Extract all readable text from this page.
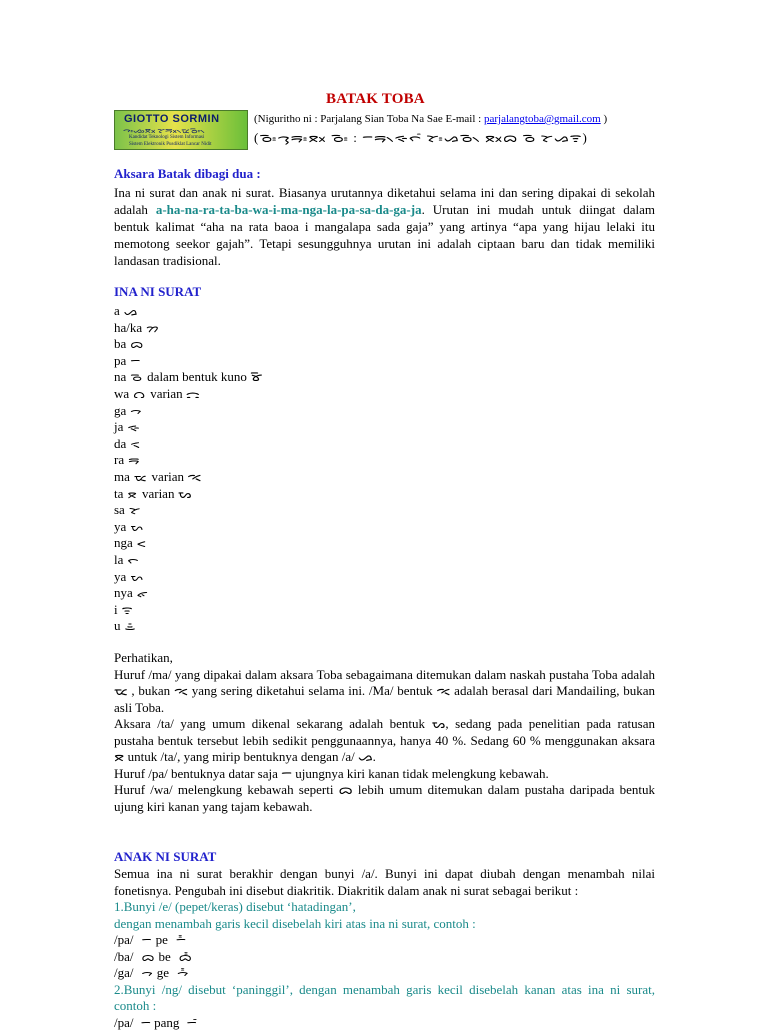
BATAK TOBA
GIOTTO SORMIN
ᯎᯫᯀᯧᯖᯬ ᯘᯬᯒ᯲ᯔᯫᯉ᯲
Kandidat Teknologi Sistem Informasi
Sistem Elektronik Pusdiklat Lancar Nidit
(Niguritho ni : Parjalang Sian Toba Na Sae E-mail : parjalangtoba@gmail.com )
(ᯉᯫᯎᯮᯒᯫᯖᯬ ᯉᯫ : ᯇᯒ᯲ᯐᯞᯰ ᯘᯫᯀᯉ᯲ ᯖᯬᯅ ᯉ ᯘᯀᯤ)
Aksara Batak dibagi dua :
Ina ni surat dan anak ni surat. Biasanya urutannya diketahui selama ini dan sering dipakai di sekolah adalah a-ha-na-ra-ta-ba-wa-i-ma-nga-la-pa-sa-da-ga-ja. Urutan ini mudah untuk diingat dalam bentuk kalimat “aha na rata baoa i mangalapa sada gaja” yang artinya “apa yang hijau lelaki itu memotong seekor gajah”. Tetapi sesungguhnya urutan ini adalah ciptaan baru dan tidak memiliki landasan tradisional.
INA NI SURAT
a ᯀ
ha/ka ᯂ
ba ᯅ
pa ᯇ
na ᯉ dalam bentuk kuno ᯊ
wa ᯋ varian ᯌ
ga ᯎ
ja ᯐ
da ᯑ
ra ᯒ
ma ᯔ varian ᯕ
ta ᯖ varian ᯗ
sa ᯘ
ya ᯛ
nga ᯝ
la ᯞ
ya ᯛ
nya ᯠ
i ᯤ
u ᯥ
Perhatikan,
Huruf /ma/ yang dipakai dalam aksara Toba sebagaimana ditemukan dalam naskah pustaha Toba adalah ᯔ , bukan ᯕ yang sering diketahui selama ini. /Ma/ bentuk ᯕ adalah berasal dari Mandailing, bukan asli Toba.
Aksara /ta/ yang umum dikenal sekarang adalah bentuk ᯗ, sedang pada penelitian pada ratusan pustaha bentuk tersebut lebih sedikit penggunaannya, hanya 40 %. Sedang 60 % menggunakan aksara ᯖ untuk /ta/, yang mirip bentuknya dengan /a/ ᯀ.
Huruf /pa/ bentuknya datar saja ᯇ ujungnya kiri kanan tidak melengkung kebawah.
Huruf /wa/ melengkung kebawah seperti ᯅ lebih umum ditemukan dalam pustaha daripada bentuk ujung kiri kanan yang tajam kebawah.
ANAK NI SURAT
Semua ina ni surat berakhir dengan bunyi /a/. Bunyi ini dapat diubah dengan menambah nilai fonetisnya. Pengubah ini disebut diakritik. Diakritik dalam anak ni surat sebagai berikut :
1.Bunyi /e/ (pepet/keras) disebut ‘hatadingan’,
dengan menambah garis kecil disebelah kiri atas ina ni surat, contoh :
/pa/ ᯇ pe ᯇ᯦
/ba/ ᯅ be ᯅ᯦
/ga/ ᯎ ge ᯎ᯦
2.Bunyi /ng/ disebut ‘paninggil’, dengan menambah garis kecil disebelah kanan atas ina ni surat, contoh :
/pa/ ᯇ pang ᯇᯰ
